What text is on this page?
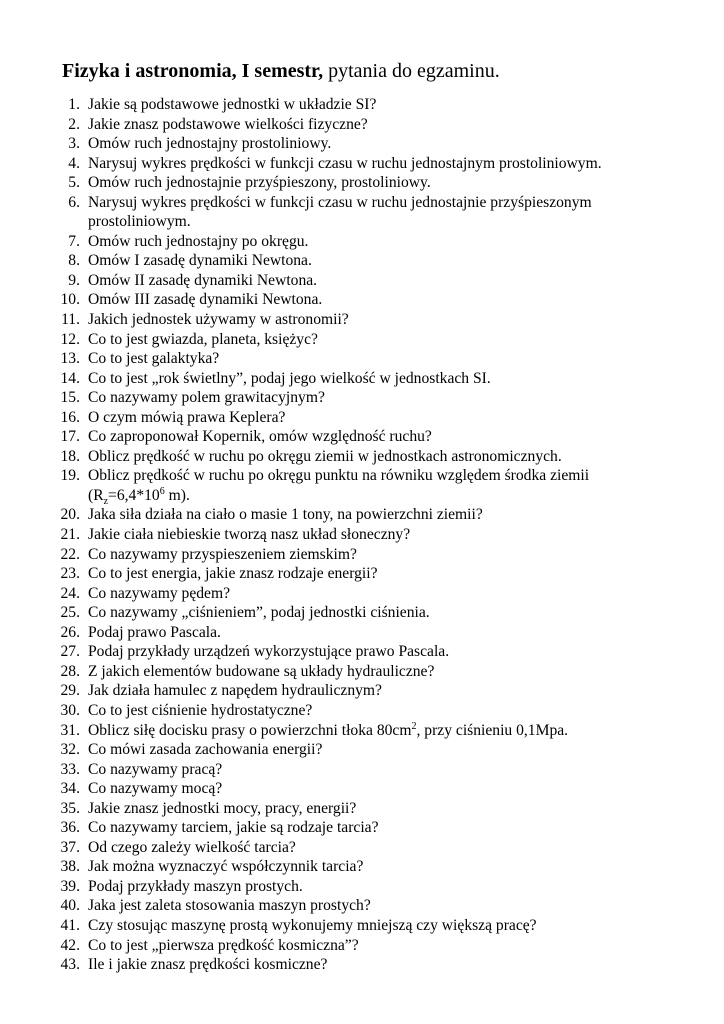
Fizyka i astronomia, I semestr, pytania do egzaminu.
1. Jakie są podstawowe jednostki w układzie SI?
2. Jakie znasz podstawowe wielkości fizyczne?
3. Omów ruch jednostajny prostoliniowy.
4. Narysuj wykres prędkości w funkcji czasu w ruchu jednostajnym prostoliniowym.
5. Omów ruch jednostajnie przyśpieszony, prostoliniowy.
6. Narysuj wykres prędkości w funkcji czasu w ruchu jednostajnie przyśpieszonym prostoliniowym.
7. Omów ruch jednostajny po okręgu.
8. Omów I zasadę dynamiki Newtona.
9. Omów II zasadę dynamiki Newtona.
10. Omów III zasadę dynamiki Newtona.
11. Jakich jednostek używamy w astronomii?
12. Co to jest gwiazda, planeta, księżyc?
13. Co to jest galaktyka?
14. Co to jest „rok świetlny”, podaj jego wielkość w jednostkach SI.
15. Co nazywamy polem grawitacyjnym?
16. O czym mówią prawa Keplera?
17. Co zaproponował Kopernik, omów względność ruchu?
18. Oblicz prędkość w ruchu po okręgu ziemii w jednostkach astronomicznych.
19. Oblicz prędkość w ruchu po okręgu punktu na równiku względem środka ziemii
($R_z=6,4*10^6$ m).
20. Jaka siła działa na ciało o masie 1 tony, na powierzchni ziemii?
21. Jakie ciała niebieskie tworzą nasz układ słoneczny?
22. Co nazywamy przyspieszeniem ziemskim?
23. Co to jest energia, jakie znasz rodzaje energii?
24. Co nazywamy pędem?
25. Co nazywamy „ciśnieniem”, podaj jednostki ciśnienia.
26. Podaj prawo Pascala.
27. Podaj przykłady urządzeń wykorzystujące prawo Pascala.
28. Z jakich elementów budowane są układy hydrauliczne?
29. Jak działa hamulec z napędem hydraulicznym?
30. Co to jest ciśnienie hydrostatyczne?
31. Oblicz siłę docisku prasy o powierzchni tłoka $80cm^2$, przy ciśnieniu 0,1Mpa.
32. Co mówi zasada zachowania energii?
33. Co nazywamy pracą?
34. Co nazywamy mocą?
35. Jakie znasz jednostki mocy, pracy, energii?
36. Co nazywamy tarciem, jakie są rodzaje tarcia?
37. Od czego zależy wielkość tarcia?
38. Jak można wyznaczyć współczynnik tarcia?
39. Podaj przykłady maszyn prostych.
40. Jaka jest zaleta stosowania maszyn prostych?
41. Czy stosując maszynę prostą wykonujemy mniejszą czy większą pracę?
42. Co to jest „pierwsza prędkość kosmiczna”?
43. Ile i jakie znasz prędkości kosmiczne?
